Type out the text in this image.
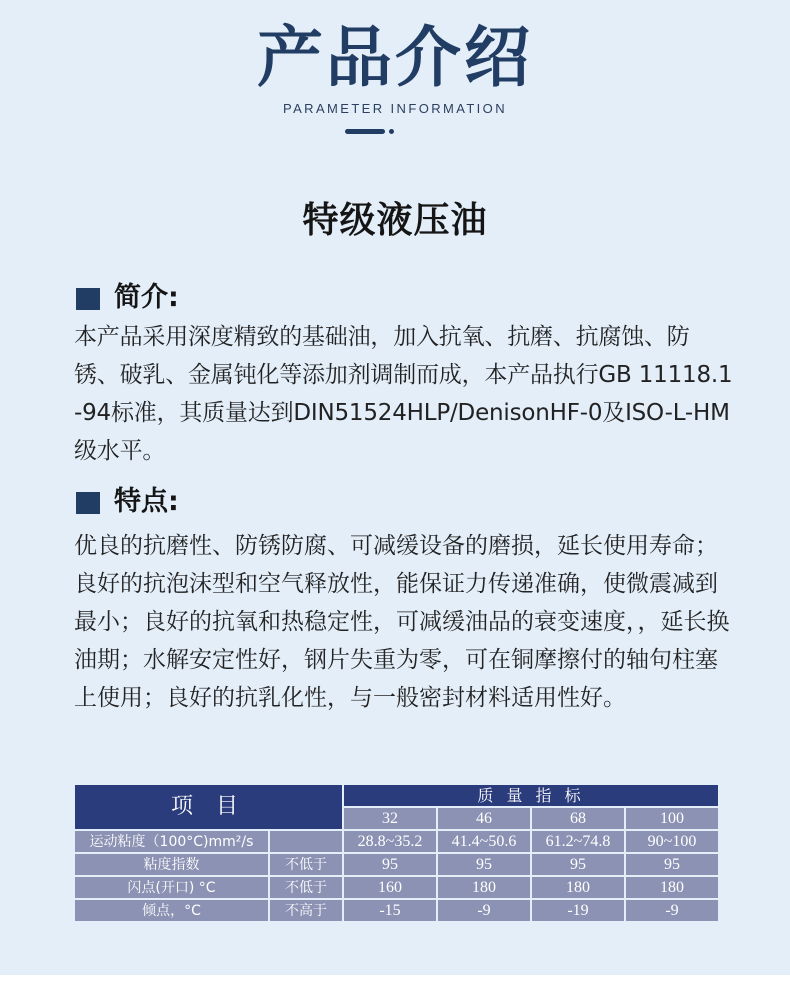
产品介绍
PARAMETER INFORMATION
特级液压油
简介:
本产品采用深度精致的基础油，加入抗氧、抗磨、抗腐蚀、防锈、破乳、金属钝化等添加剂调制而成，本产品执行GB 11118.1-94标准，其质量达到DIN51524HLP/DenisonHF-0及ISO-L-HM级水平。
特点:
优良的抗磨性、防锈防腐、可减缓设备的磨损，延长使用寿命；良好的抗泡沫型和空气释放性，能保证力传递准确，使微震减到最小；良好的抗氧和热稳定性，可减缓油品的衰变速度，，延长换油期；水解安定性好，钢片失重为零，可在铜摩擦付的轴句柱塞上使用；良好的抗乳化性，与一般密封材料适用性好。
项 目		质 量 指 标			
		32	46	68	100
运动粘度（100°C)mm²/s		28.8~35.2	41.4~50.6	61.2~74.8	90~100
粘度指数	不低于	95	95	95	95
闪点(开口) °C	不低于	160	180	180	180
倾点，°C	不高于	-15	-9	-19	-9
